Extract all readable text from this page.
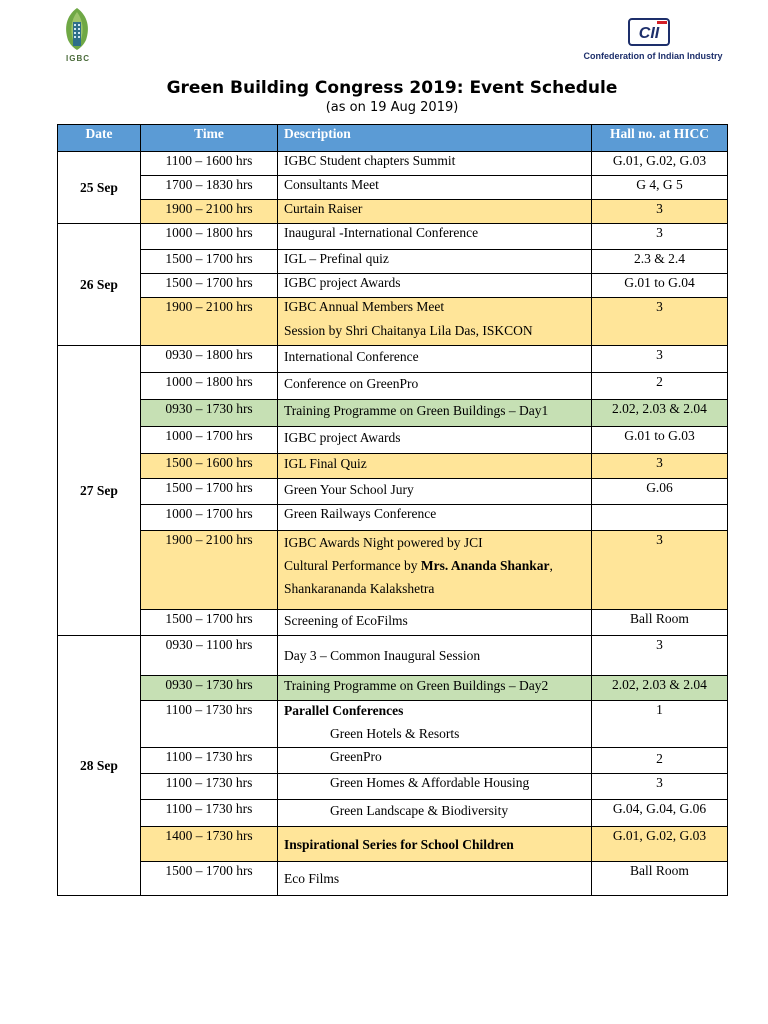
IGBC
CII
Confederation of Indian Industry
Green Building Congress 2019: Event Schedule
(as on 19 Aug 2019)
Date	Time	Description	Hall no. at HICC
25 Sep	1100 – 1600 hrs	IGBC Student chapters Summit	G.01, G.02, G.03
	1700 – 1830 hrs	Consultants Meet	G 4, G 5
	1900 – 2100 hrs	Curtain Raiser	3
26 Sep	1000 – 1800 hrs	Inaugural -International Conference	3
	1500 – 1700 hrs	IGL – Prefinal quiz	2.3 & 2.4
	1500 – 1700 hrs	IGBC project Awards	G.01 to G.04
	1900 – 2100 hrs	IGBC Annual Members Meet
Session by Shri Chaitanya Lila Das, ISKCON	3
27 Sep	0930 – 1800 hrs	International Conference	3
	1000 – 1800 hrs	Conference on GreenPro	2
	0930 – 1730 hrs	Training Programme on Green Buildings – Day1	2.02, 2.03 & 2.04
	1000 – 1700 hrs	IGBC project Awards	G.01 to G.03
	1500 – 1600 hrs	IGL Final Quiz	3
	1500 – 1700 hrs	Green Your School Jury	G.06
	1000 – 1700 hrs	Green Railways Conference	
	1900 – 2100 hrs	IGBC Awards Night powered by JCI
Cultural Performance by Mrs. Ananda Shankar,
Shankarananda Kalakshetra	3
	1500 – 1700 hrs	Screening of EcoFilms	Ball Room
28 Sep	0930 – 1100 hrs	Day 3 – Common Inaugural Session	3
	0930 – 1730 hrs	Training Programme on Green Buildings – Day2	2.02, 2.03 & 2.04
	1100 – 1730 hrs	Parallel Conferences
Green Hotels & Resorts	1
	1100 – 1730 hrs	GreenPro	2
	1100 – 1730 hrs	Green Homes & Affordable Housing	3
	1100 – 1730 hrs	Green Landscape & Biodiversity	G.04, G.04, G.06
	1400 – 1730 hrs	Inspirational Series for School Children	G.01, G.02, G.03
	1500 – 1700 hrs	Eco Films	Ball Room
